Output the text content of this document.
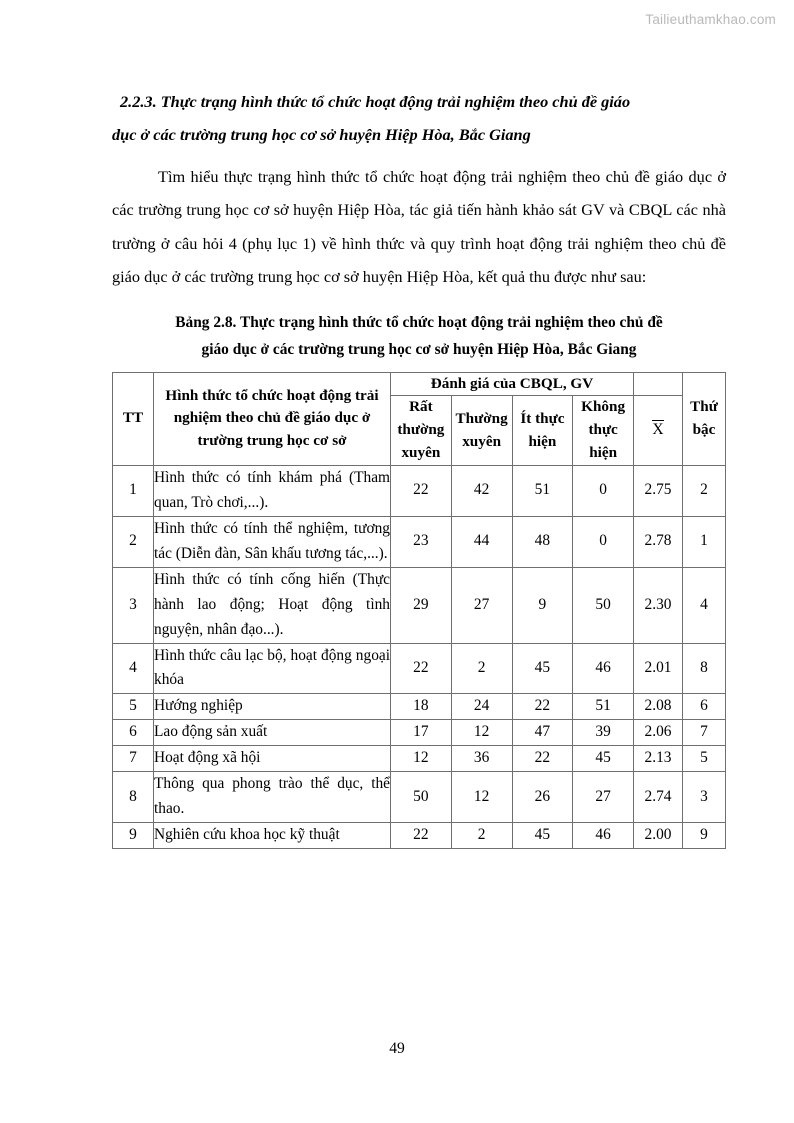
Tailieuthamkhao.com
2.2.3. Thực trạng hình thức tổ chức hoạt động trải nghiệm theo chủ đề giáo
dục ở các trường trung học cơ sở huyện Hiệp Hòa, Bắc Giang

Tìm hiểu thực trạng hình thức tổ chức hoạt động trải nghiệm theo chủ đề giáo dục ở các trường trung học cơ sở huyện Hiệp Hòa, tác giả tiến hành khảo sát GV và CBQL các nhà trường ở câu hỏi 4 (phụ lục 1) về hình thức và quy trình hoạt động trải nghiệm theo chủ đề giáo dục ở các trường trung học cơ sở huyện Hiệp Hòa, kết quả thu được như sau:

Bảng 2.8. Thực trạng hình thức tổ chức hoạt động trải nghiệm theo chủ đề
giáo dục ở các trường trung học cơ sở huyện Hiệp Hòa, Bắc Giang
TT	Hình thức tổ chức hoạt động trải nghiệm theo chủ đề giáo dục ở trường trung học cơ sở	Đánh giá của CBQL, GV					Thứ bậc
		Rất thường xuyên	Thường xuyên	Ít thực hiện	Không thực hiện	X	
1	Hình thức có tính khám phá (Tham quan, Trò chơi,...).	22	42	51	0	2.75	2
2	Hình thức có tính thể nghiệm, tương tác (Diễn đàn, Sân khấu tương tác,...).	23	44	48	0	2.78	1
3	Hình thức có tính cống hiến (Thực hành lao động; Hoạt động tình nguyện, nhân đạo...).	29	27	9	50	2.30	4
4	Hình thức câu lạc bộ, hoạt động ngoại khóa	22	2	45	46	2.01	8
5	Hướng nghiệp	18	24	22	51	2.08	6
6	Lao động sản xuất	17	12	47	39	2.06	7
7	Hoạt động xã hội	12	36	22	45	2.13	5
8	Thông qua phong trào thể dục, thể thao.	50	12	26	27	2.74	3
9	Nghiên cứu khoa học kỹ thuật	22	2	45	46	2.00	9
49
